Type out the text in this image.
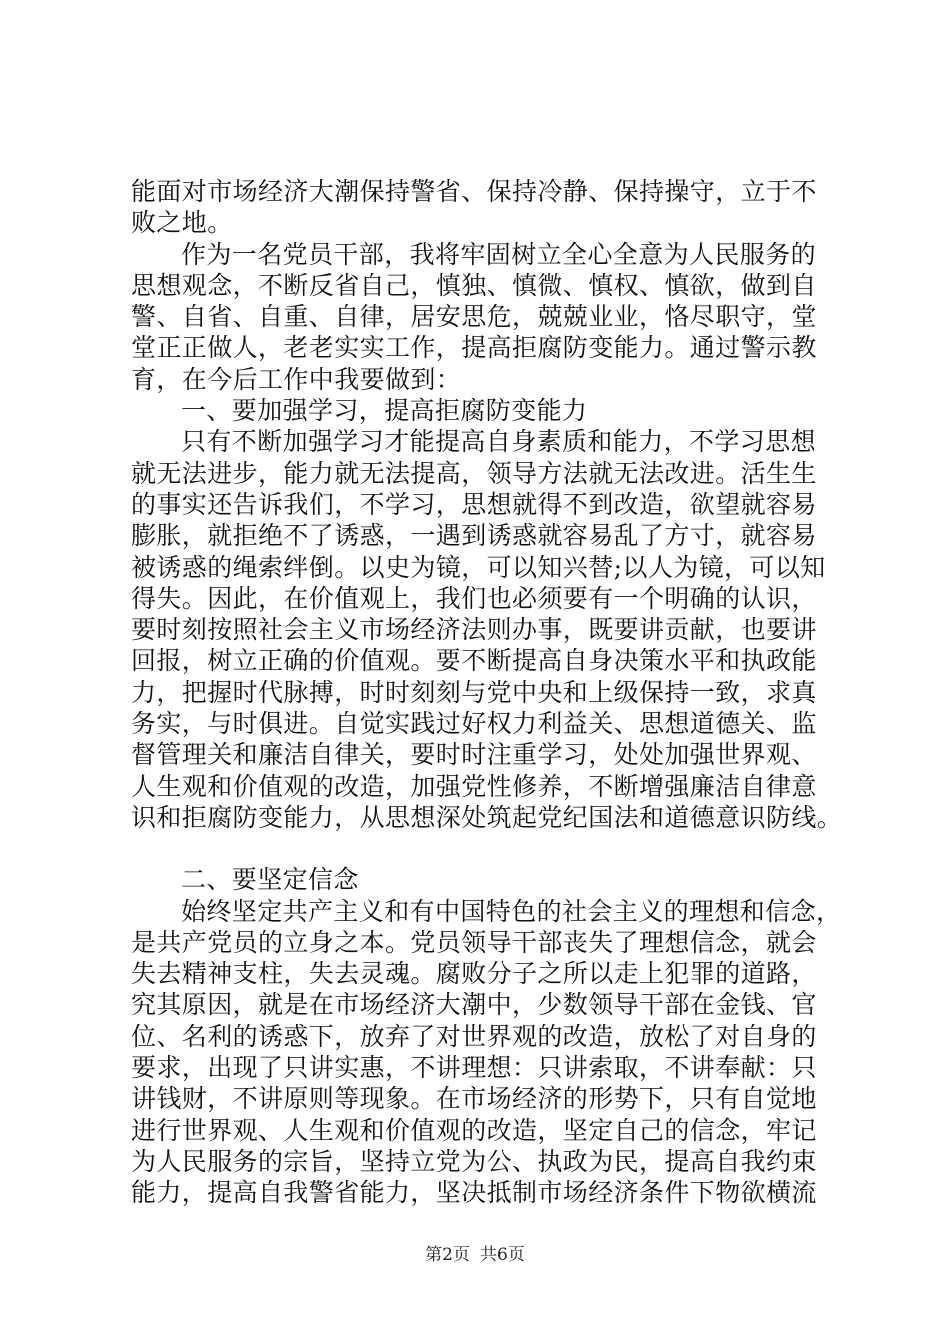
能面对市场经济大潮保持警省、保持冷静、保持操守，立于不
败之地。
作为一名党员干部，我将牢固树立全心全意为人民服务的
思想观念，不断反省自己，慎独、慎微、慎权、慎欲，做到自
警、自省、自重、自律，居安思危，兢兢业业，恪尽职守，堂
堂正正做人，老老实实工作，提高拒腐防变能力。通过警示教
育，在今后工作中我要做到：
一、要加强学习，提高拒腐防变能力
只有不断加强学习才能提高自身素质和能力，不学习思想
就无法进步，能力就无法提高，领导方法就无法改进。活生生
的事实还告诉我们，不学习，思想就得不到改造，欲望就容易
膨胀，就拒绝不了诱惑，一遇到诱惑就容易乱了方寸，就容易
被诱惑的绳索绊倒。以史为镜，可以知兴替;以人为镜，可以知
得失。因此，在价值观上，我们也必须要有一个明确的认识，
要时刻按照社会主义市场经济法则办事，既要讲贡献，也要讲
回报，树立正确的价值观。要不断提高自身决策水平和执政能
力，把握时代脉搏，时时刻刻与党中央和上级保持一致，求真
务实，与时俱进。自觉实践过好权力利益关、思想道德关、监
督管理关和廉洁自律关，要时时注重学习，处处加强世界观、
人生观和价值观的改造，加强党性修养，不断增强廉洁自律意
识和拒腐防变能力，从思想深处筑起党纪国法和道德意识防线。
二、要坚定信念
始终坚定共产主义和有中国特色的社会主义的理想和信念，
是共产党员的立身之本。党员领导干部丧失了理想信念，就会
失去精神支柱，失去灵魂。腐败分子之所以走上犯罪的道路，
究其原因，就是在市场经济大潮中，少数领导干部在金钱、官
位、名利的诱惑下，放弃了对世界观的改造，放松了对自身的
要求，出现了只讲实惠，不讲理想：只讲索取，不讲奉献：只
讲钱财，不讲原则等现象。在市场经济的形势下，只有自觉地
进行世界观、人生观和价值观的改造，坚定自己的信念，牢记
为人民服务的宗旨，坚持立党为公、执政为民，提高自我约束
能力，提高自我警省能力，坚决抵制市场经济条件下物欲横流
第2页 共6页
